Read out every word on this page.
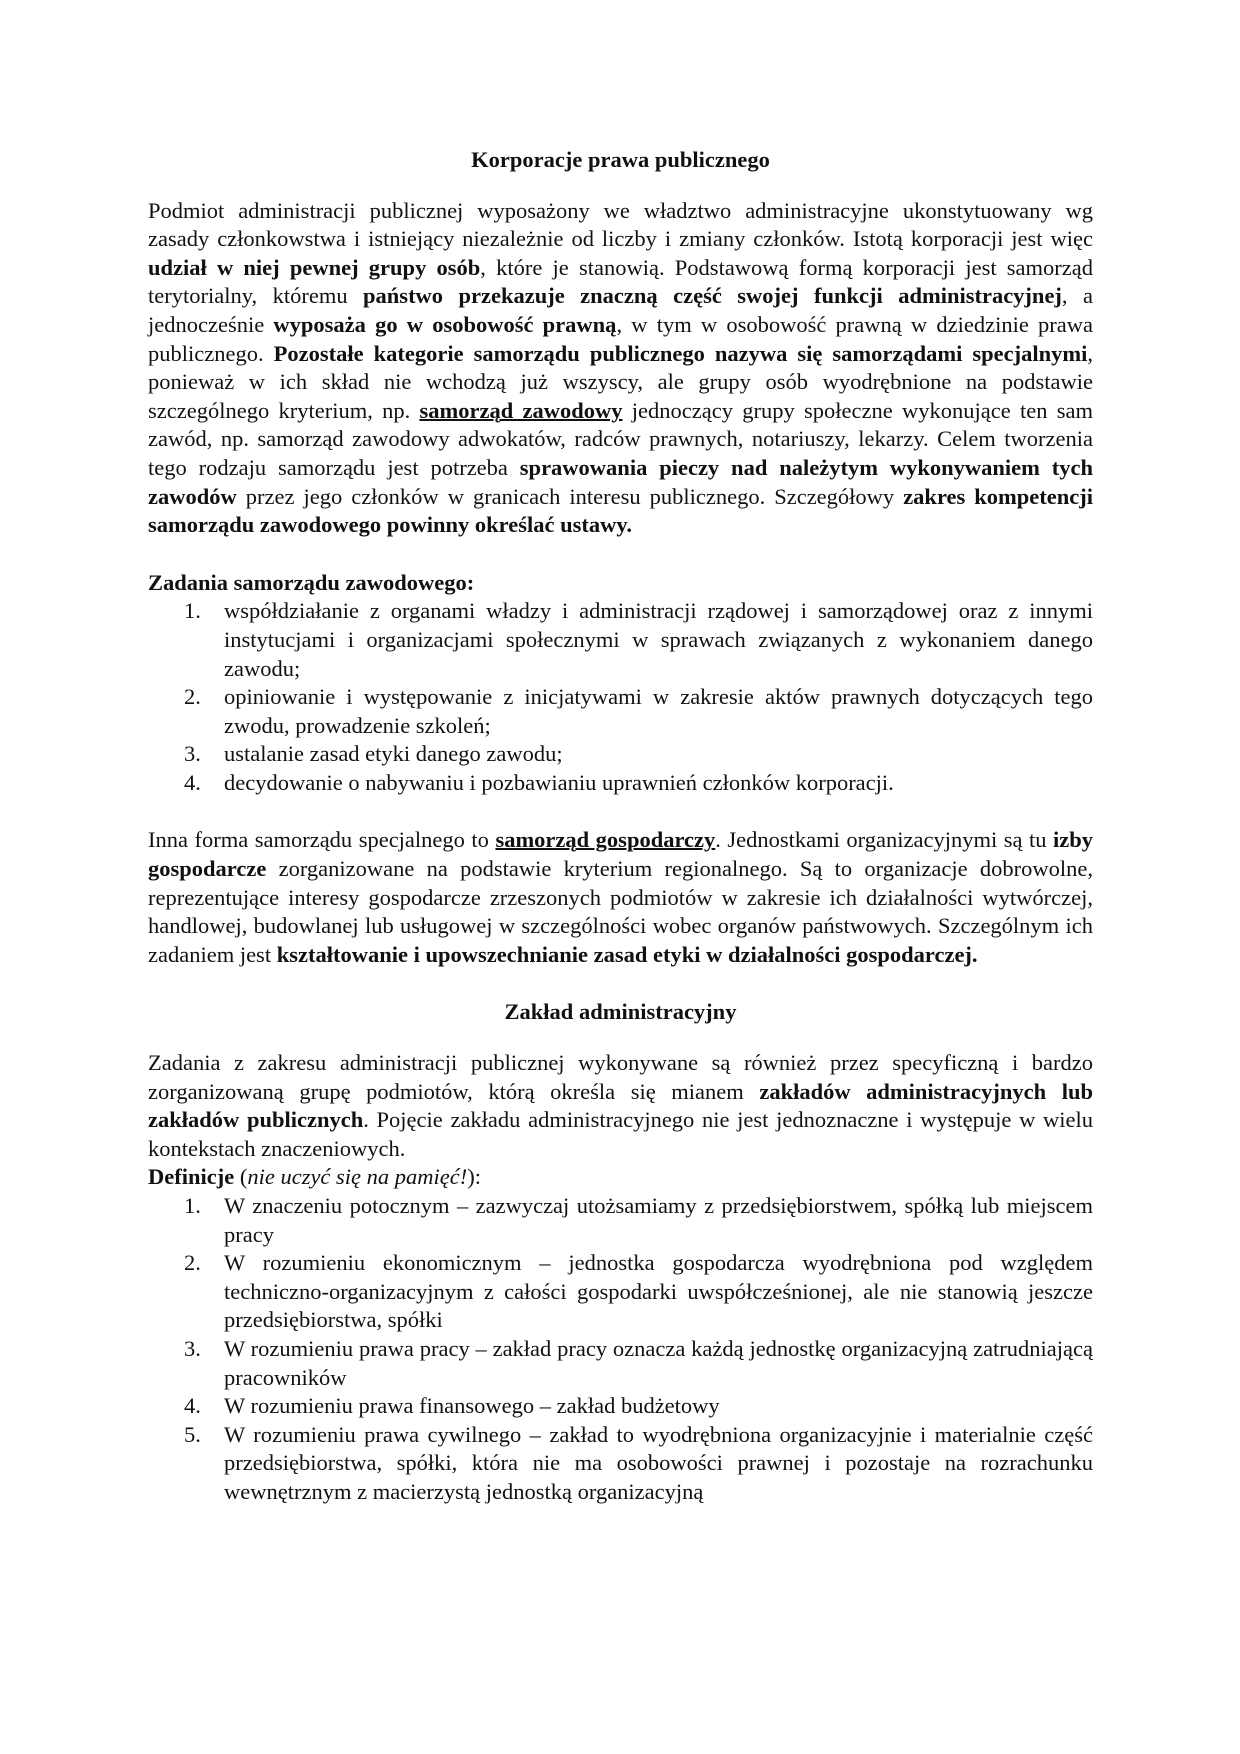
Korporacje prawa publicznego

Podmiot administracji publicznej wyposażony we władztwo administracyjne ukonstytuowany wg zasady członkowstwa i istniejący niezależnie od liczby i zmiany członków. Istotą korporacji jest więc udział w niej pewnej grupy osób, które je stanowią. Podstawową formą korporacji jest samorząd terytorialny, któremu państwo przekazuje znaczną część swojej funkcji administracyjnej, a jednocześnie wyposaża go w osobowość prawną, w tym w osobowość prawną w dziedzinie prawa publicznego. Pozostałe kategorie samorządu publicznego nazywa się samorządami specjalnymi, ponieważ w ich skład nie wchodzą już wszyscy, ale grupy osób wyodrębnione na podstawie szczególnego kryterium, np. samorząd zawodowy jednoczący grupy społeczne wykonujące ten sam zawód, np. samorząd zawodowy adwokatów, radców prawnych, notariuszy, lekarzy. Celem tworzenia tego rodzaju samorządu jest potrzeba sprawowania pieczy nad należytym wykonywaniem tych zawodów przez jego członków w granicach interesu publicznego. Szczegółowy zakres kompetencji samorządu zawodowego powinny określać ustawy.

Zadania samorządu zawodowego:

1. współdziałanie z organami władzy i administracji rządowej i samorządowej oraz z innymi instytucjami i organizacjami społecznymi w sprawach związanych z wykonaniem danego zawodu;
2. opiniowanie i występowanie z inicjatywami w zakresie aktów prawnych dotyczących tego zwodu, prowadzenie szkoleń;
3. ustalanie zasad etyki danego zawodu;
4. decydowanie o nabywaniu i pozbawianiu uprawnień członków korporacji.

Inna forma samorządu specjalnego to samorząd gospodarczy. Jednostkami organizacyjnymi są tu izby gospodarcze zorganizowane na podstawie kryterium regionalnego. Są to organizacje dobrowolne, reprezentujące interesy gospodarcze zrzeszonych podmiotów w zakresie ich działalności wytwórczej, handlowej, budowlanej lub usługowej w szczególności wobec organów państwowych. Szczególnym ich zadaniem jest kształtowanie i upowszechnianie zasad etyki w działalności gospodarczej.

Zakład administracyjny

Zadania z zakresu administracji publicznej wykonywane są również przez specyficzną i bardzo zorganizowaną grupę podmiotów, którą określa się mianem zakładów administracyjnych lub zakładów publicznych. Pojęcie zakładu administracyjnego nie jest jednoznaczne i występuje w wielu kontekstach znaczeniowych.

Definicje (nie uczyć się na pamięć!):

1. W znaczeniu potocznym – zazwyczaj utożsamiamy z przedsiębiorstwem, spółką lub miejscem pracy
2. W rozumieniu ekonomicznym – jednostka gospodarcza wyodrębniona pod względem techniczno-organizacyjnym z całości gospodarki uwspółcześnionej, ale nie stanowią jeszcze przedsiębiorstwa, spółki
3. W rozumieniu prawa pracy – zakład pracy oznacza każdą jednostkę organizacyjną zatrudniającą pracowników
4. W rozumieniu prawa finansowego – zakład budżetowy
5. W rozumieniu prawa cywilnego – zakład to wyodrębniona organizacyjnie i materialnie część przedsiębiorstwa, spółki, która nie ma osobowości prawnej i pozostaje na rozrachunku wewnętrznym z macierzystą jednostką organizacyjną
